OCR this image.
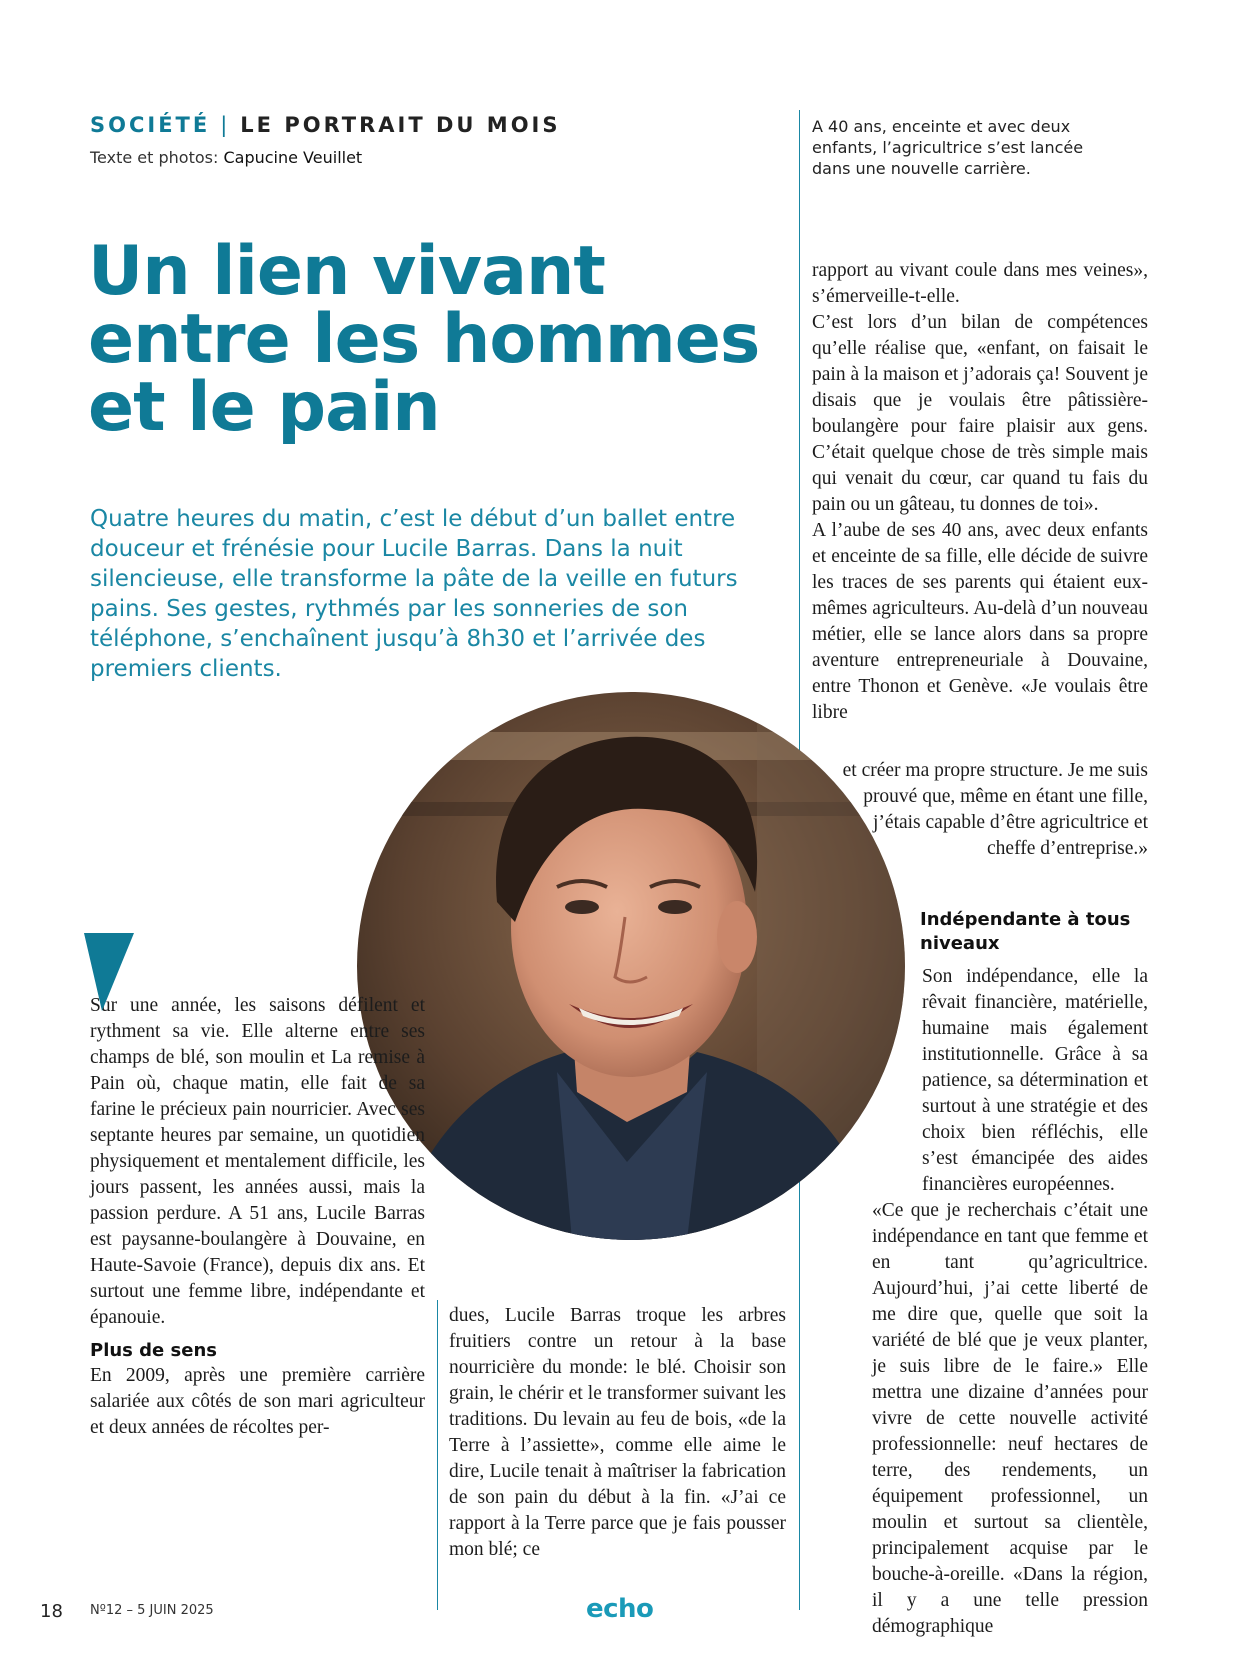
SOCIÉTÉ | LE PORTRAIT DU MOIS
Texte et photos: Capucine Veuillet
A 40 ans, enceinte et avec deux enfants, l’agricultrice s’est lancée dans une nouvelle carrière.
Un lien vivant
entre les hommes
et le pain
Quatre heures du matin, c’est le début d’un ballet entre douceur et frénésie pour Lucile Barras. Dans la nuit silencieuse, elle transforme la pâte de la veille en futurs pains. Ses gestes, rythmés par les sonneries de son téléphone, s’enchaînent jusqu’à 8h30 et l’arrivée des premiers clients.

Sur une année, les saisons défilent et rythment sa vie. Elle alterne entre ses champs de blé, son moulin et La remise à Pain où, chaque matin, elle fait de sa farine le précieux pain nourricier. Avec ses septante heures par semaine, un quotidien physiquement et mentalement difficile, les jours passent, les années aussi, mais la passion perdure. A 51 ans, Lucile Barras est paysanne-boulangère à Douvaine, en Haute-Savoie (France), depuis dix ans. Et surtout une femme libre, indépendante et épanouie.

Plus de sens

En 2009, après une première carrière salariée aux côtés de son mari agriculteur et deux années de récoltes per-

dues, Lucile Barras troque les arbres fruitiers contre un retour à la base nourricière du monde: le blé. Choisir son grain, le chérir et le transformer suivant les traditions. Du levain au feu de bois, «de la Terre à l’assiette», comme elle aime le dire, Lucile tenait à maîtriser la fabrication de son pain du début à la fin. «J’ai ce rapport à la Terre parce que je fais pousser mon blé; ce

rapport au vivant coule dans mes veines», s’émerveille-t-elle.

C’est lors d’un bilan de compétences qu’elle réalise que, «enfant, on faisait le pain à la maison et j’adorais ça! Souvent je disais que je voulais être pâtissière-boulangère pour faire plaisir aux gens. C’était quelque chose de très simple mais qui venait du cœur, car quand tu fais du pain ou un gâteau, tu donnes de toi».

A l’aube de ses 40 ans, avec deux enfants et enceinte de sa fille, elle décide de suivre les traces de ses parents qui étaient eux-mêmes agriculteurs. Au-delà d’un nouveau métier, elle se lance alors dans sa propre aventure entrepreneuriale à Douvaine, entre Thonon et Genève. «Je voulais être libre

et créer ma propre structure. Je me suis prouvé que, même en étant une fille, j’étais capable d’être agricultrice et cheffe d’entreprise.»

Indépendante à tous niveaux

Son indépendance, elle la rêvait financière, matérielle, humaine mais également institutionnelle. Grâce à sa patience, sa détermination et surtout à une stratégie et des choix bien réfléchis, elle s’est émancipée des aides financières européennes.

«Ce que je recherchais c’était une indépendance en tant que femme et en tant qu’agricultrice. Aujourd’hui, j’ai cette liberté de me dire que, quelle que soit la variété de blé que je veux planter, je suis libre de le faire.» Elle mettra une dizaine d’années pour vivre de cette nouvelle activité professionnelle: neuf hectares de terre, des rendements, un équipement professionnel, un moulin et surtout sa clientèle, principalement acquise par le bouche-à-oreille. «Dans la région, il y a une telle pression démographique

18 Nº12 – 5 JUIN 2025	echo
